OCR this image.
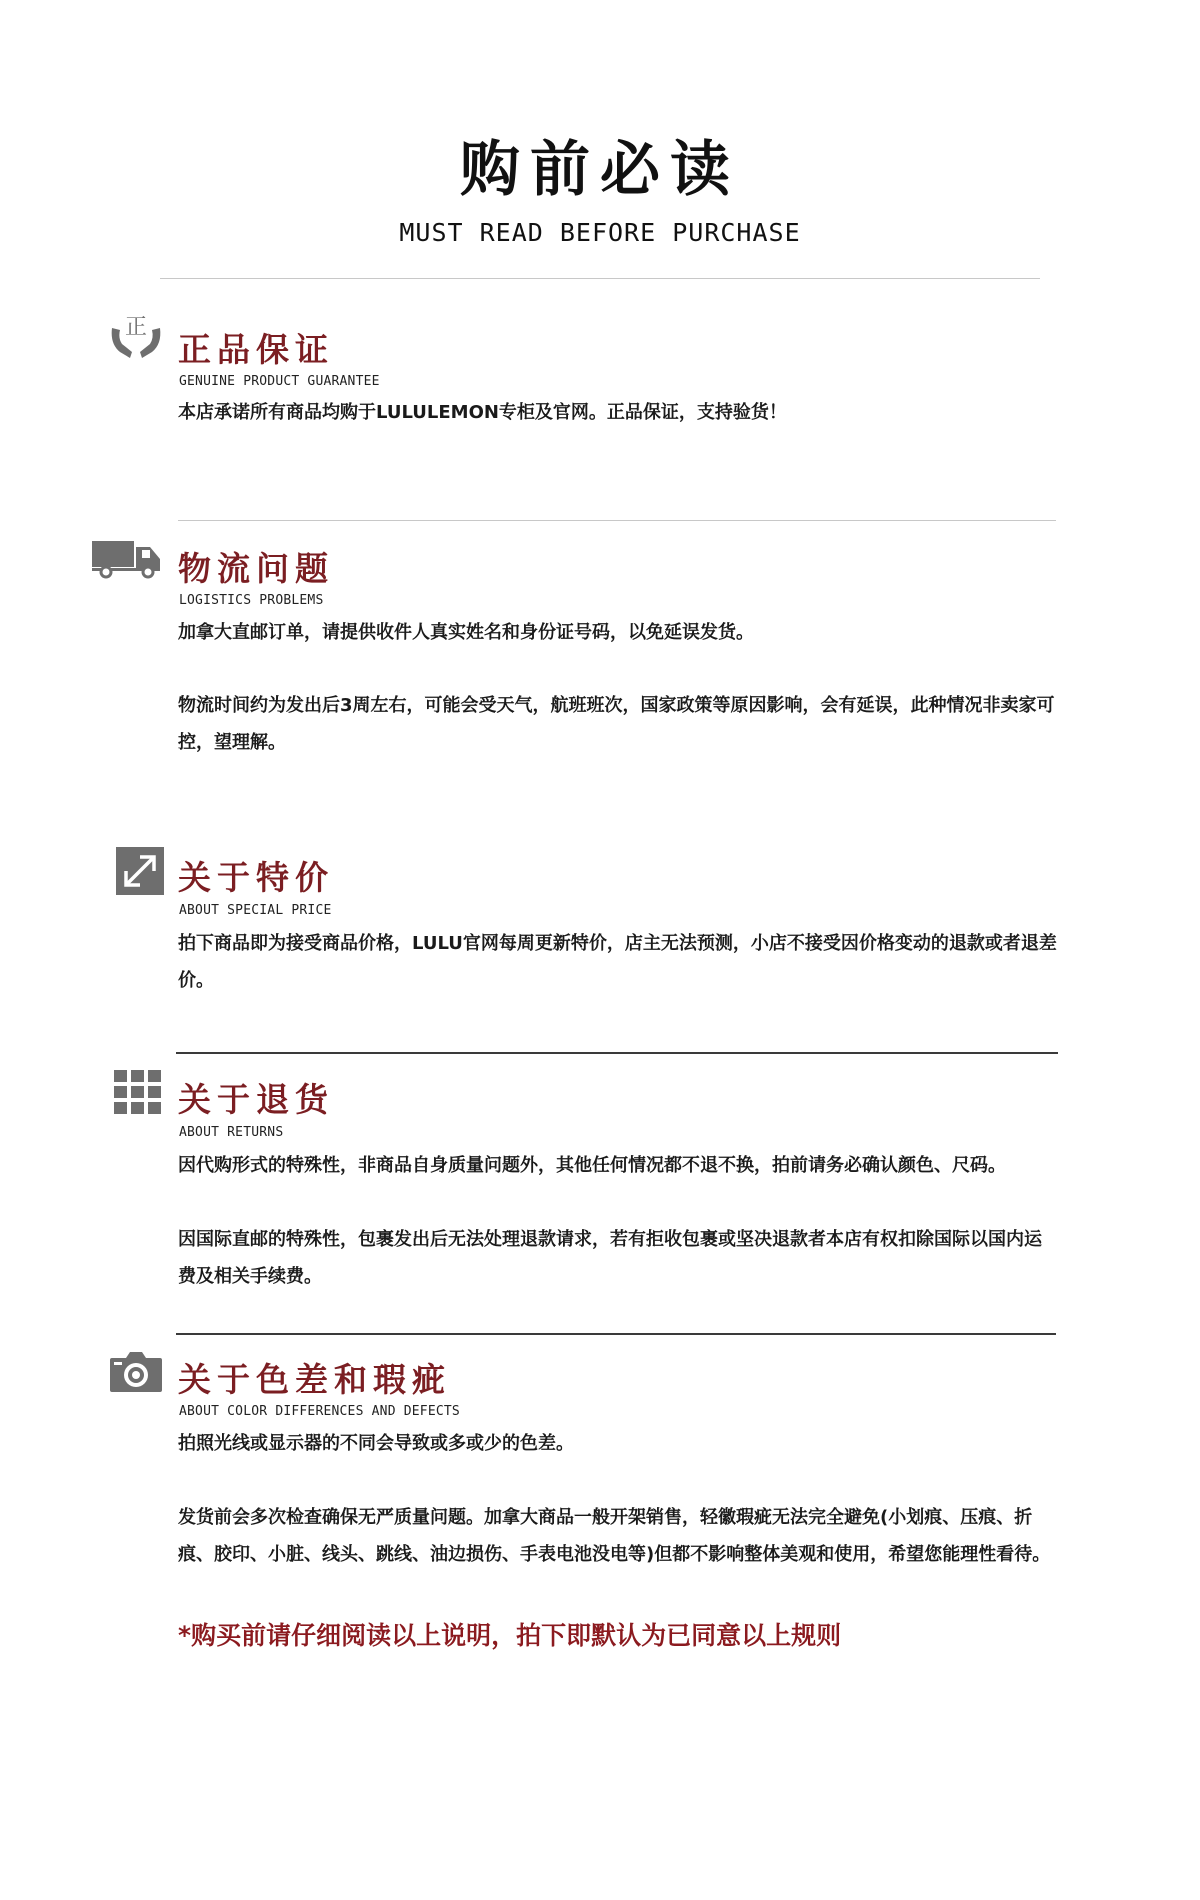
购前必读
MUST READ BEFORE PURCHASE
正
正品保证
GENUINE PRODUCT GUARANTEE
本店承诺所有商品均购于LULULEMON专柜及官网。正品保证，支持验货！
物流问题
LOGISTICS PROBLEMS
加拿大直邮订单，请提供收件人真实姓名和身份证号码，以免延误发货。
物流时间约为发出后3周左右，可能会受天气，航班班次，国家政策等原因影响，会有延误，此种情况非卖家可控，望理解。
关于特价
ABOUT SPECIAL PRICE
拍下商品即为接受商品价格，LULU官网每周更新特价，店主无法预测，小店不接受因价格变动的退款或者退差价。
关于退货
ABOUT RETURNS
因代购形式的特殊性，非商品自身质量问题外，其他任何情况都不退不换，拍前请务必确认颜色、尺码。
因国际直邮的特殊性，包裹发出后无法处理退款请求，若有拒收包裹或坚决退款者本店有权扣除国际以国内运费及相关手续费。
关于色差和瑕疵
ABOUT COLOR DIFFERENCES AND DEFECTS
拍照光线或显示器的不同会导致或多或少的色差。
发货前会多次检查确保无严质量问题。加拿大商品一般开架销售，轻徽瑕疵无法完全避免(小划痕、压痕、折痕、胶印、小脏、线头、跳线、油边损伤、手表电池没电等)但都不影响整体美观和使用，希望您能理性看待。
*购买前请仔细阅读以上说明，拍下即默认为已同意以上规则
